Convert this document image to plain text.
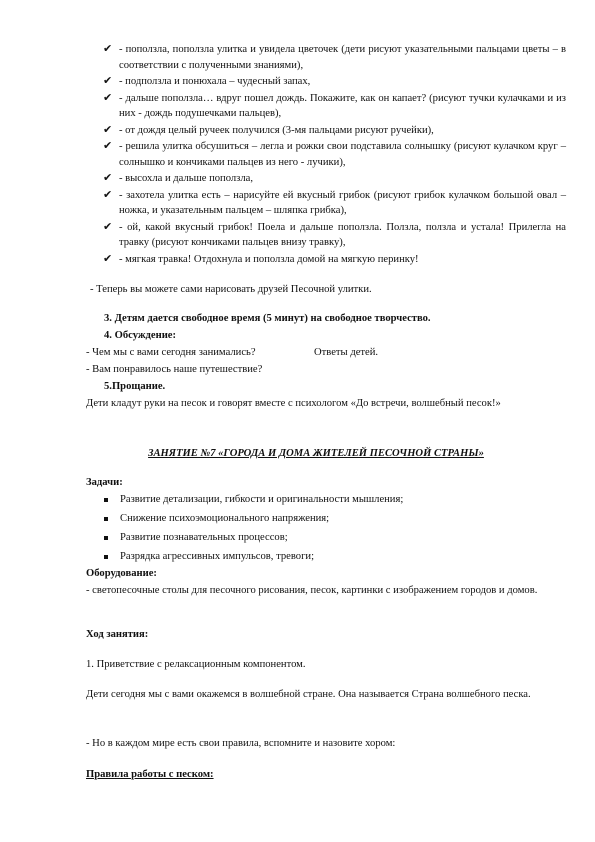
✔ - поползла, поползла улитка и увидела цветочек (дети рисуют указательными пальцами цветы – в соответствии с полученными знаниями),
✔ - подползла и понюхала – чудесный запах,
✔ - дальше поползла… вдруг пошел дождь. Покажите, как он капает? (рисуют тучки кулачками и из них - дождь подушечками пальцев),
✔ - от дождя целый ручеек получился (3-мя пальцами рисуют ручейки),
✔ - решила улитка обсушиться – легла и рожки свои подставила солнышку (рисуют кулачком круг – солнышко и кончиками пальцев из него - лучики),
✔ - высохла и дальше поползла,
✔ - захотела улитка есть – нарисуйте ей вкусный грибок (рисуют грибок кулачком большой овал – ножка, и указательным пальцем – шляпка грибка),
✔ - ой, какой вкусный грибок! Поела и дальше поползла. Ползла, ползла и устала! Прилегла на травку (рисуют кончиками пальцев внизу травку),
✔ - мягкая травка! Отдохнула и поползла домой на мягкую перинку!
- Теперь вы можете сами нарисовать друзей Песочной улитки.
3. Детям дается свободное время (5 минут) на свободное творчество.
4. Обсуждение:
- Чем мы с вами сегодня занимались?	Ответы детей.
- Вам понравилось наше путешествие?
5.Прощание.
Дети кладут руки на песок и говорят вместе с психологом «До встречи, волшебный песок!»
ЗАНЯТИЕ №7 «ГОРОДА И ДОМА ЖИТЕЛЕЙ ПЕСОЧНОЙ СТРАНЫ»
Задачи:
Развитие детализации, гибкости и оригинальности мышления;
Снижение психоэмоционального напряжения;
Развитие познавательных процессов;
Разрядка агрессивных импульсов, тревоги;
Оборудование:
- светопесочные столы для песочного рисования, песок, картинки с изображением городов и домов.
Ход занятия:
1. Приветствие с релаксационным компонентом.
Дети сегодня мы с вами окажемся в волшебной стране. Она называется Страна волшебного песка.
- Но в каждом мире есть свои правила, вспомните и назовите хором:
Правила работы с песком:
